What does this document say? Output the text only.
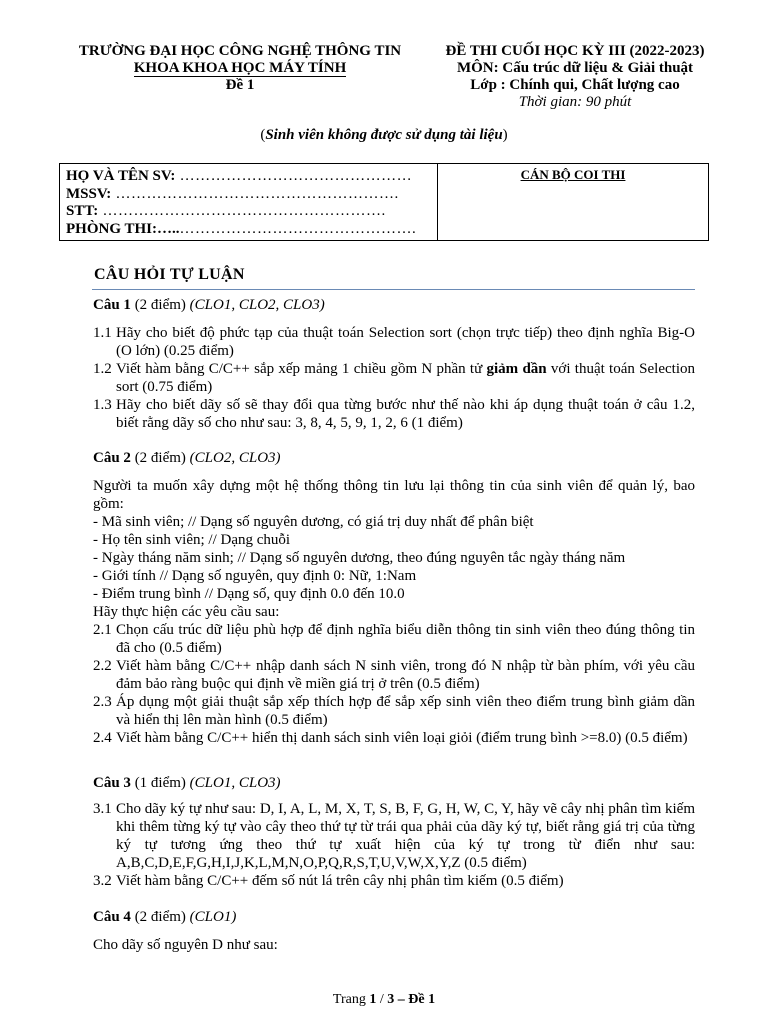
TRƯỜNG ĐẠI HỌC CÔNG NGHỆ THÔNG TIN
KHOA KHOA HỌC MÁY TÍNH
Đề 1
ĐỀ THI CUỐI HỌC KỲ III (2022-2023)
MÔN: Cấu trúc dữ liệu & Giải thuật
Lớp : Chính qui, Chất lượng cao
Thời gian: 90 phút
(Sinh viên không được sử dụng tài liệu)
HỌ VÀ TÊN SV: ………………………………………
MSSV: ……………………………………………….
STT: ……………………………………………….
PHÒNG THI:…..……………………………………….
CÁN BỘ COI THI
CÂU HỎI TỰ LUẬN
Câu 1 (2 điểm) (CLO1, CLO2, CLO3)
1.1 Hãy cho biết độ phức tạp của thuật toán Selection sort (chọn trực tiếp) theo định nghĩa Big-O (O lớn) (0.25 điểm)
1.2 Viết hàm bằng C/C++ sắp xếp mảng 1 chiều gồm N phần tử giảm dần với thuật toán Selection sort (0.75 điểm)
1.3 Hãy cho biết dãy số sẽ thay đổi qua từng bước như thế nào khi áp dụng thuật toán ở câu 1.2, biết rằng dãy số cho như sau: 3, 8, 4, 5, 9, 1, 2, 6 (1 điểm)
Câu 2 (2 điểm) (CLO2, CLO3)
Người ta muốn xây dựng một hệ thống thông tin lưu lại thông tin của sinh viên để quản lý, bao gồm:
- Mã sinh viên; // Dạng số nguyên dương, có giá trị duy nhất để phân biệt
- Họ tên sinh viên; // Dạng chuỗi
- Ngày tháng năm sinh; // Dạng số nguyên dương, theo đúng nguyên tắc ngày tháng năm
- Giới tính // Dạng số nguyên, quy định 0: Nữ, 1:Nam
- Điểm trung bình // Dạng số, quy định 0.0 đến 10.0
Hãy thực hiện các yêu cầu sau:
2.1 Chọn cấu trúc dữ liệu phù hợp để định nghĩa biểu diễn thông tin sinh viên theo đúng thông tin đã cho (0.5 điểm)
2.2 Viết hàm bằng C/C++ nhập danh sách N sinh viên, trong đó N nhập từ bàn phím, với yêu cầu đảm bảo ràng buộc qui định về miền giá trị ở trên (0.5 điểm)
2.3 Áp dụng một giải thuật sắp xếp thích hợp để sắp xếp sinh viên theo điểm trung bình giảm dần và hiển thị lên màn hình (0.5 điểm)
2.4 Viết hàm bằng C/C++ hiển thị danh sách sinh viên loại giỏi (điểm trung bình >=8.0) (0.5 điểm)
Câu 3 (1 điểm) (CLO1, CLO3)
3.1 Cho dãy ký tự như sau: D, I, A, L, M, X, T, S, B, F, G, H, W, C, Y, hãy vẽ cây nhị phân tìm kiếm khi thêm từng ký tự vào cây theo thứ tự từ trái qua phải của dãy ký tự, biết rằng giá trị của từng ký tự tương ứng theo thứ tự xuất hiện của ký tự trong từ điển như sau: A,B,C,D,E,F,G,H,I,J,K,L,M,N,O,P,Q,R,S,T,U,V,W,X,Y,Z (0.5 điểm)
3.2 Viết hàm bằng C/C++ đếm số nút lá trên cây nhị phân tìm kiếm (0.5 điểm)
Câu 4 (2 điểm) (CLO1)
Cho dãy số nguyên D như sau:
Trang 1 / 3 – Đề 1
